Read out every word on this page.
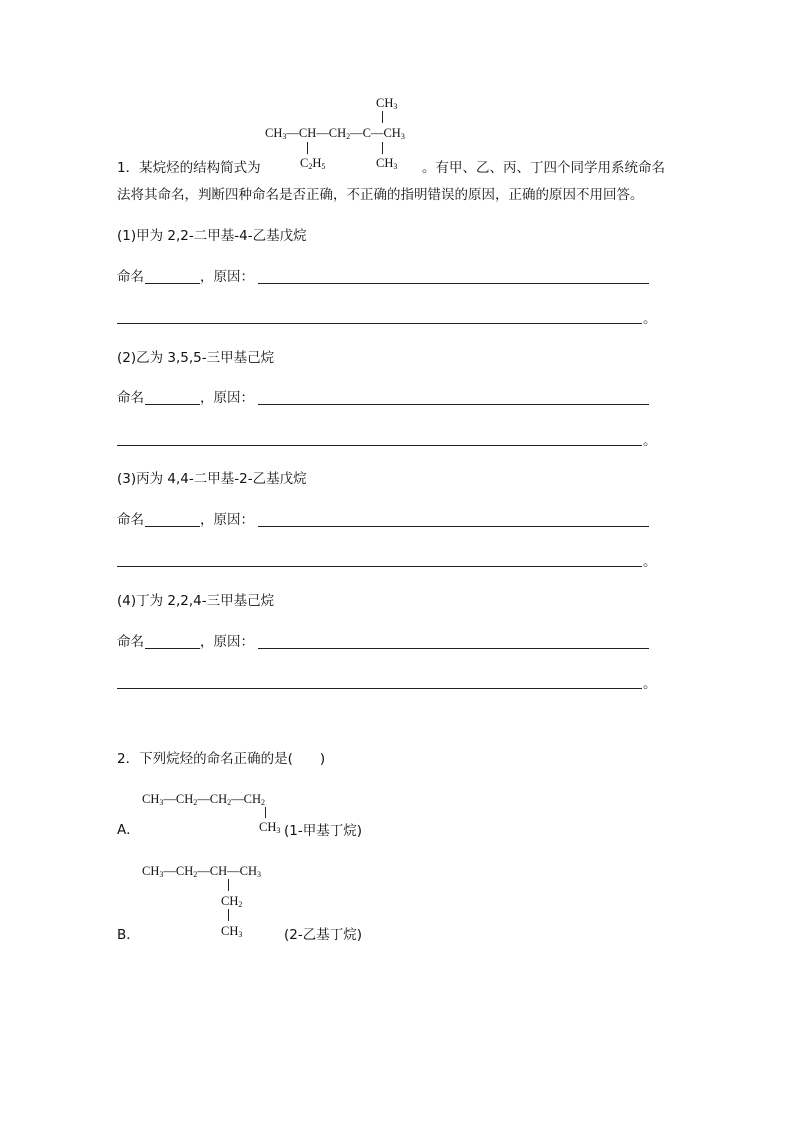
$CH_3$
$CH_3—CH—CH_2—C—CH_3$
$C_2H_5$	$CH_3$
1．某烷烃的结构简式为	。有甲、乙、丙、丁四个同学用系统命名
法将其命名，判断四种命名是否正确，不正确的指明错误的原因，正确的原因不用回答。
(1)甲为 2,2-二甲基-4-乙基戊烷
命名	，原因：
。
(2)乙为 3,5,5-三甲基己烷
命名	，原因：
。
(3)丙为 4,4-二甲基-2-乙基戊烷
命名	，原因：
。
(4)丁为 2,2,4-三甲基己烷
命名	，原因：
。
2．下列烷烃的命名正确的是(　　)
$CH_3—CH_2—CH_2—CH_2$
A．	$CH_3$ (1-甲基丁烷)
$CH_3—CH_2—CH—CH_3$
$CH_2$
$CH_3$
B．	(2-乙基丁烷)
